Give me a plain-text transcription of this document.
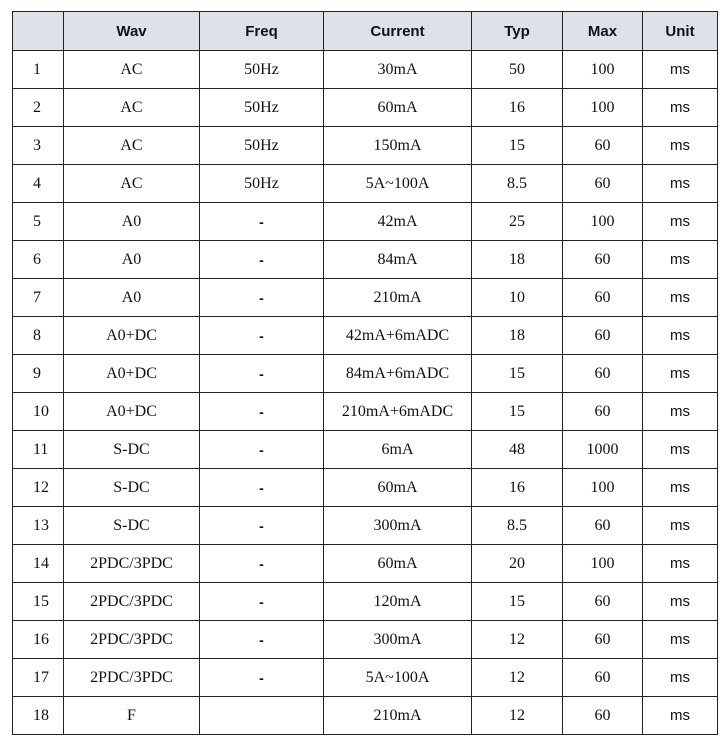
	Wav	Freq	Current	Typ	Max	Unit
1	AC	50Hz	30mA	50	100	ms
2	AC	50Hz	60mA	16	100	ms
3	AC	50Hz	150mA	15	60	ms
4	AC	50Hz	5A~100A	8.5	60	ms
5	A0	-	42mA	25	100	ms
6	A0	-	84mA	18	60	ms
7	A0	-	210mA	10	60	ms
8	A0+DC	-	42mA+6mADC	18	60	ms
9	A0+DC	-	84mA+6mADC	15	60	ms
10	A0+DC	-	210mA+6mADC	15	60	ms
11	S-DC	-	6mA	48	1000	ms
12	S-DC	-	60mA	16	100	ms
13	S-DC	-	300mA	8.5	60	ms
14	2PDC/3PDC	-	60mA	20	100	ms
15	2PDC/3PDC	-	120mA	15	60	ms
16	2PDC/3PDC	-	300mA	12	60	ms
17	2PDC/3PDC	-	5A~100A	12	60	ms
18	F		210mA	12	60	ms
